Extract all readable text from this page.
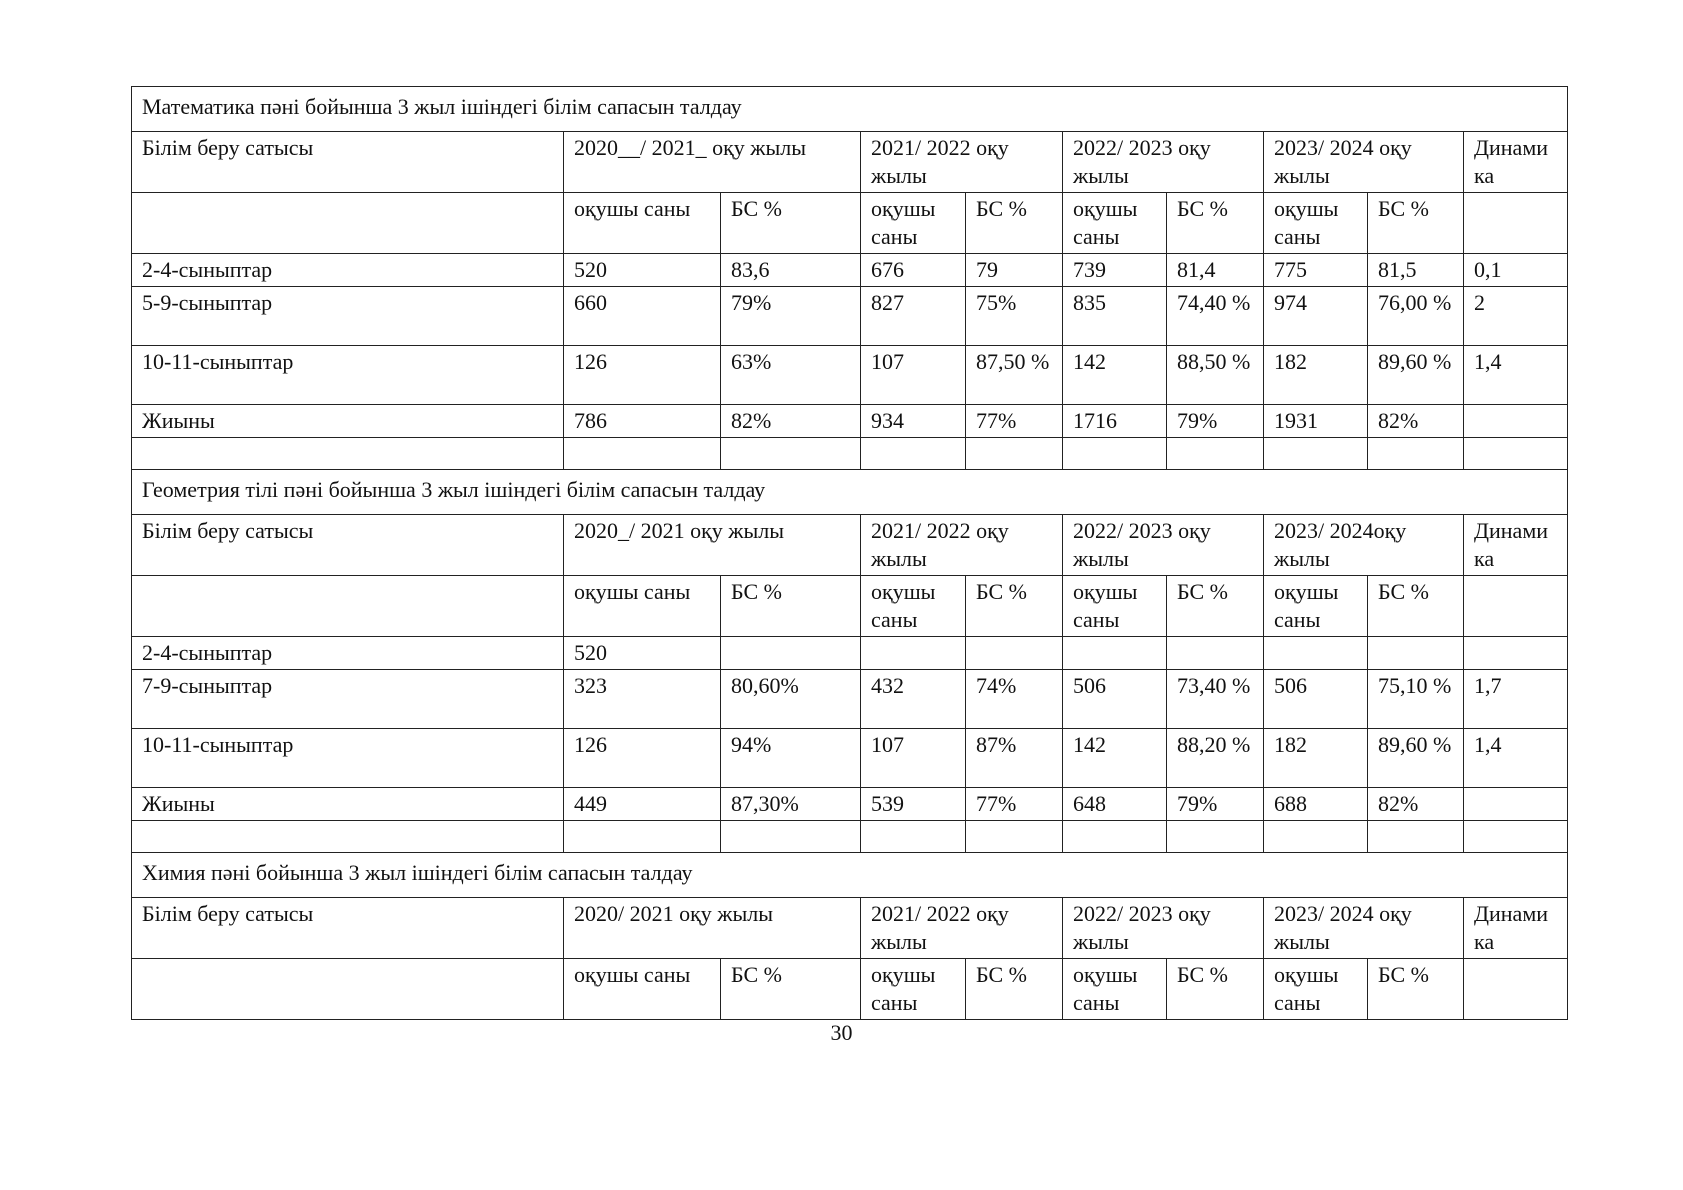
Математика пәні бойынша 3 жыл ішіндегі білім сапасын талдау									
Білім беру сатысы	2020__/ 2021_ оқу жылы		2021/ 2022 оқу жылы		2022/ 2023 оқу жылы		2023/ 2024 оқу жылы		Динамика
	оқушы саны	БС %	оқушы саны	БС %	оқушы саны	БС %	оқушы саны	БС %	
2-4-сыныптар	520	83,6	676	79	739	81,4	775	81,5	0,1
5-9-сыныптар	660	79%	827	75%	835	74,40 %	974	76,00 %	2
10-11-сыныптар	126	63%	107	87,50 %	142	88,50 %	182	89,60 %	1,4
Жиыны	786	82%	934	77%	1716	79%	1931	82%	

Геометрия тілі пәні бойынша 3 жыл ішіндегі білім сапасын талдау									
Білім беру сатысы	2020_/ 2021 оқу жылы		2021/ 2022 оқу жылы		2022/ 2023 оқу жылы		2023/ 2024оқу жылы		Динамика
	оқушы саны	БС %	оқушы саны	БС %	оқушы саны	БС %	оқушы саны	БС %	
2-4-сыныптар	520								
7-9-сыныптар	323	80,60%	432	74%	506	73,40 %	506	75,10 %	1,7
10-11-сыныптар	126	94%	107	87%	142	88,20 %	182	89,60 %	1,4
Жиыны	449	87,30%	539	77%	648	79%	688	82%	

Химия пәні бойынша 3 жыл ішіндегі білім сапасын талдау									
Білім беру сатысы	2020/ 2021 оқу жылы		2021/ 2022 оқу жылы		2022/ 2023 оқу жылы		2023/ 2024 оқу жылы		Динамика
	оқушы саны	БС %	оқушы саны	БС %	оқушы саны	БС %	оқушы саны	БС %	
30
